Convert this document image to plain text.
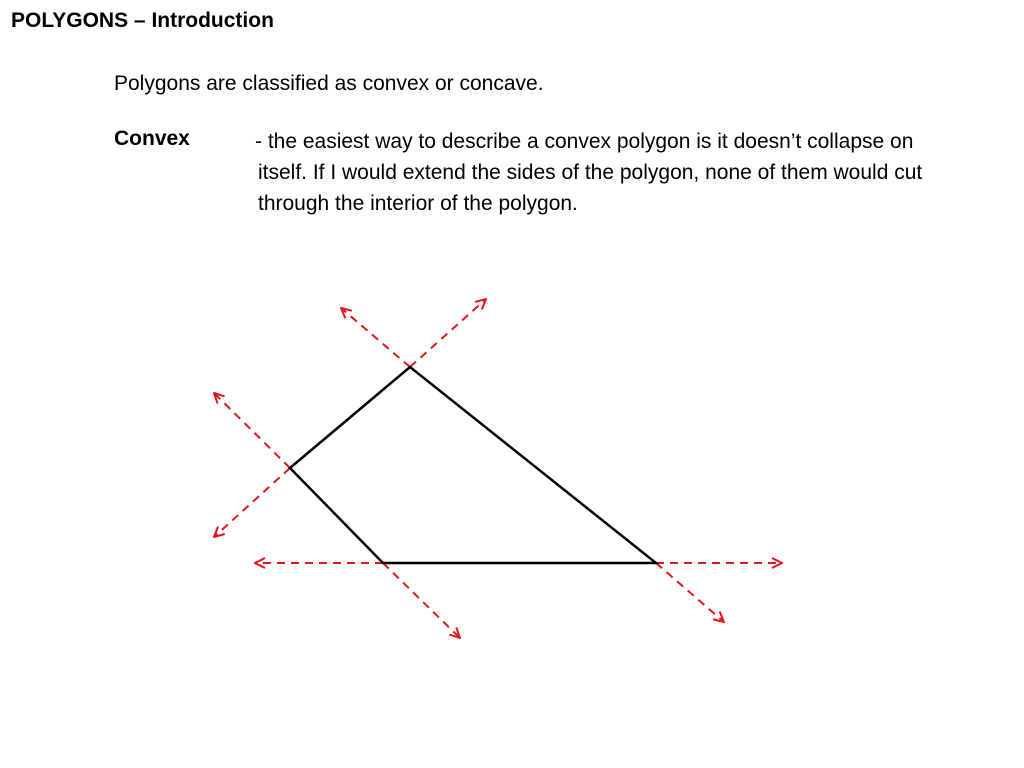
POLYGONS – Introduction
Polygons are classified as convex or concave.
Convex	- the easiest way to describe a convex polygon is it doesn’t collapse on itself. If I would extend the sides of the polygon, none of them would cut through the interior of the polygon.
